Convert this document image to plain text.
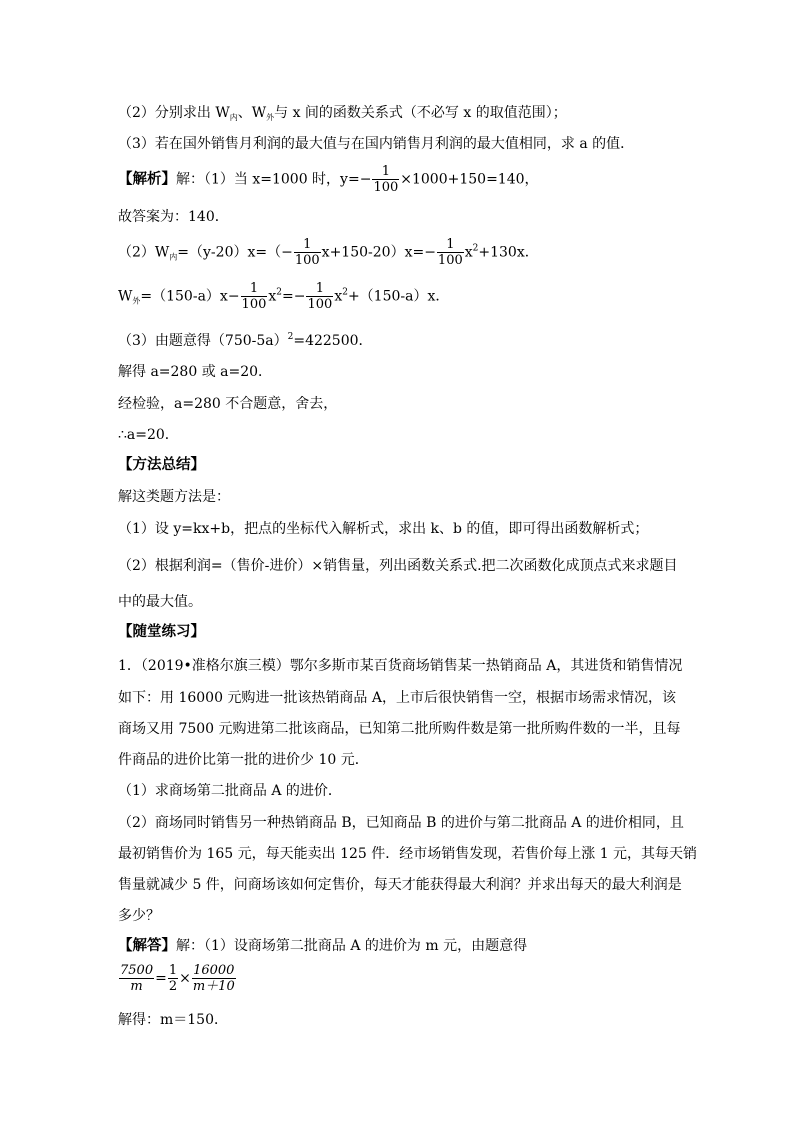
（2）分别求出 $W_内$、$W_外$与 x 间的函数关系式（不必写 x 的取值范围）；
（3）若在国外销售月利润的最大值与在国内销售月利润的最大值相同，求 a 的值．
【解析】解：（1）当 x=1000 时，$y=- \frac{1}{100} \times 1000+150=140$，
故答案为：140．
$(2)W_内=(y-20)x=(- \frac{1}{100} x+150-20)x=- \frac{1}{100} x^2+130x$．
$W_外=(150-a)x- \frac{1}{100} x^2=- \frac{1}{100} x^2+(150-a)x$．
（3）由题意得$(750-5a)^2=422500$．
解得 a=280 或 a=20．
经检验，a=280 不合题意，舍去，
∴a=20．
【方法总结】
解这类题方法是：
（1）设 y=kx+b，把点的坐标代入解析式，求出 k、b 的值，即可得出函数解析式；
（2）根据利润=（售价-进价）×销售量，列出函数关系式.把二次函数化成顶点式来求题目
中的最大值。
【随堂练习】
1．（2019•准格尔旗三模）鄂尔多斯市某百货商场销售某一热销商品 A，其进货和销售情况
如下：用 16000 元购进一批该热销商品 A，上市后很快销售一空，根据市场需求情况，该
商场又用 7500 元购进第二批该商品，已知第二批所购件数是第一批所购件数的一半，且每
件商品的进价比第一批的进价少 10 元．
（1）求商场第二批商品 A 的进价．
（2）商场同时销售另一种热销商品 B，已知商品 B 的进价与第二批商品 A 的进价相同，且
最初销售价为 165 元，每天能卖出 125 件．经市场销售发现，若售价每上涨 1 元，其每天销
售量就减少 5 件，问商场该如何定售价，每天才能获得最大利润？并求出每天的最大利润是
多少？
【解答】解：（1）设商场第二批商品 A 的进价为 m 元，由题意得
$\frac{7500}{m} = \frac{1}{2} \times \frac{16000}{m+10}$
解得：m＝150．
